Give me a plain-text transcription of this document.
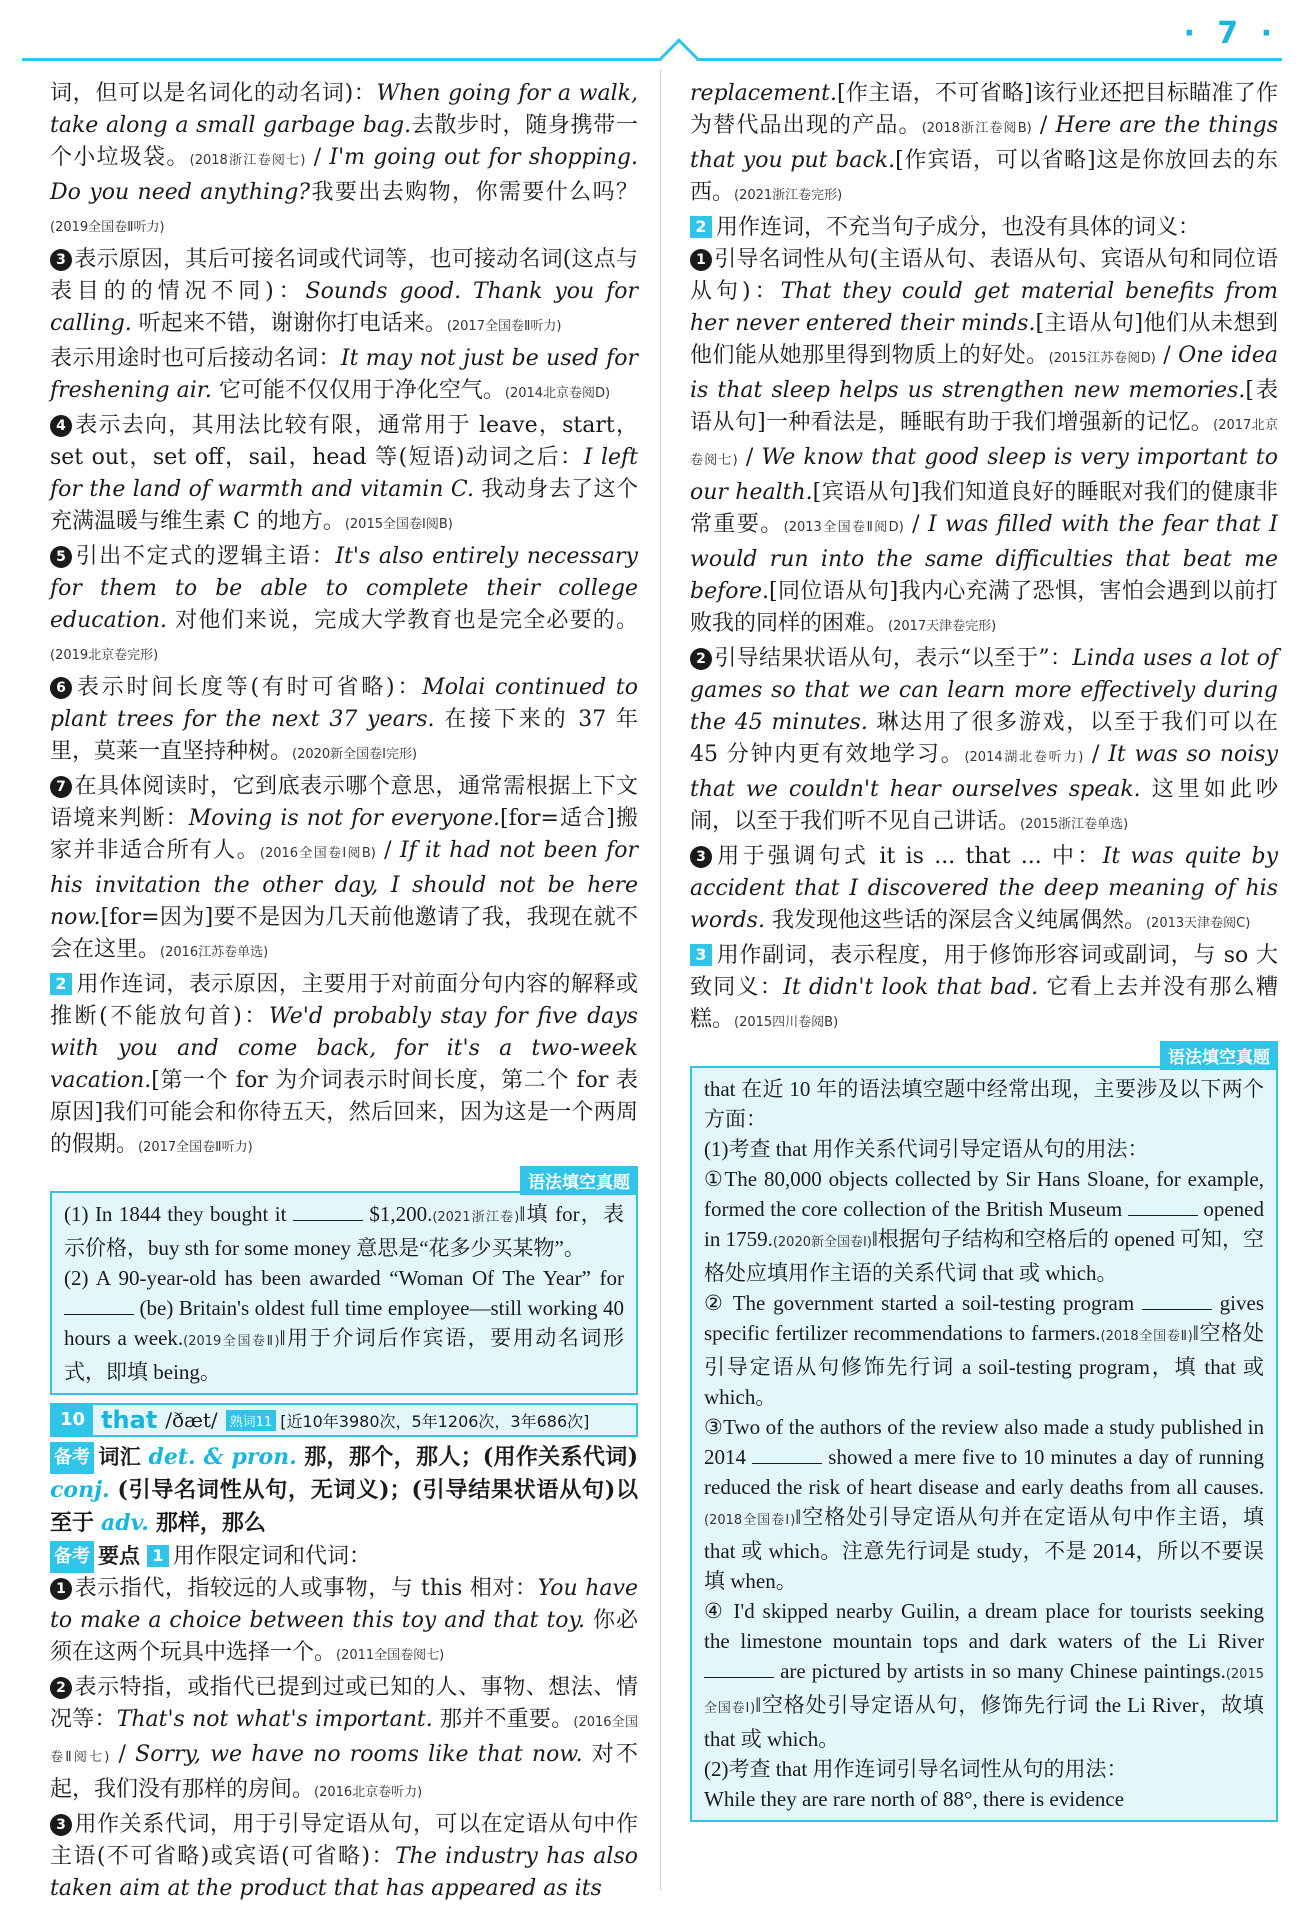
· 7 ·

词，但可以是名词化的动名词)：When going for a walk, take along a small garbage bag.去散步时，随身携带一个小垃圾袋。(2018浙江卷阅七) / I'm going out for shopping. Do you need anything?我要出去购物，你需要什么吗？(2019全国卷Ⅱ听力)

3 表示原因，其后可接名词或代词等，也可接动名词(这点与表目的的情况不同)：Sounds good. Thank you for calling. 听起来不错，谢谢你打电话来。(2017全国卷Ⅱ听力)

表示用途时也可后接动名词：It may not just be used for freshening air. 它可能不仅仅用于净化空气。(2014北京卷阅D)

4 表示去向，其用法比较有限，通常用于 leave，start，set out，set off，sail，head 等(短语)动词之后：I left for the land of warmth and vitamin C. 我动身去了这个充满温暖与维生素 C 的地方。(2015全国卷Ⅰ阅B)

5 引出不定式的逻辑主语：It's also entirely necessary for them to be able to complete their college education. 对他们来说，完成大学教育也是完全必要的。(2019北京卷完形)

6 表示时间长度等(有时可省略)：Molai continued to plant trees for the next 37 years. 在接下来的 37 年里，莫莱一直坚持种树。(2020新全国卷Ⅰ完形)

7 在具体阅读时，它到底表示哪个意思，通常需根据上下文语境来判断：Moving is not for everyone.[for=适合]搬家并非适合所有人。(2016全国卷Ⅰ阅B) / If it had not been for his invitation the other day, I should not be here now.[for=因为]要不是因为几天前他邀请了我，我现在就不会在这里。(2016江苏卷单选)

2 用作连词，表示原因，主要用于对前面分句内容的解释或推断(不能放句首)：We'd probably stay for five days with you and come back, for it's a two-week vacation.[第一个 for 为介词表示时间长度，第二个 for 表原因]我们可能会和你待五天，然后回来，因为这是一个两周的假期。(2017全国卷Ⅱ听力)

语法填空真题

(1) In 1844 they bought it	$1,200.(2021浙江卷)‖填 for，表示价格，buy sth for some money 意思是“花多少买某物”。

(2) A 90-year-old has been awarded “Woman Of The Year” for  (be) Britain's oldest full time employee—still working 40 hours a week.(2019全国卷Ⅱ)‖用于介词后作宾语，要用动名词形式，即填 being。

10 that /ðæt/ 熟词11 [近10年3980次，5年1206次，3年686次]

备考 词汇 det. & pron. 那，那个，那人；(用作关系代词) conj. (引导名词性从句，无词义)；(引导结果状语从句)以至于 adv. 那样，那么

备考 要点 1 用作限定词和代词：

1 表示指代，指较远的人或事物，与 this 相对：You have to make a choice between this toy and that toy. 你必须在这两个玩具中选择一个。(2011全国卷阅七)

2 表示特指，或指代已提到过或已知的人、事物、想法、情况等：That's not what's important. 那并不重要。(2016全国卷Ⅱ阅七) / Sorry, we have no rooms like that now. 对不起，我们没有那样的房间。(2016北京卷听力)

3 用作关系代词，用于引导定语从句，可以在定语从句中作主语(不可省略)或宾语(可省略)：The industry has also taken aim at the product that has appeared as its

replacement.[作主语，不可省略]该行业还把目标瞄准了作为替代品出现的产品。(2018浙江卷阅B) / Here are the things that you put back.[作宾语，可以省略]这是你放回去的东西。(2021浙江卷完形)

2 用作连词，不充当句子成分，也没有具体的词义：

1 引导名词性从句(主语从句、表语从句、宾语从句和同位语从句)：That they could get material benefits from her never entered their minds.[主语从句]他们从未想到他们能从她那里得到物质上的好处。(2015江苏卷阅D) / One idea is that sleep helps us strengthen new memories.[表语从句]一种看法是，睡眠有助于我们增强新的记忆。(2017北京卷阅七) / We know that good sleep is very important to our health.[宾语从句]我们知道良好的睡眠对我们的健康非常重要。(2013全国卷Ⅱ阅D) / I was filled with the fear that I would run into the same difficulties that beat me before.[同位语从句]我内心充满了恐惧，害怕会遇到以前打败我的同样的困难。(2017天津卷完形)

2 引导结果状语从句，表示“以至于”：Linda uses a lot of games so that we can learn more effectively during the 45 minutes. 琳达用了很多游戏，以至于我们可以在 45 分钟内更有效地学习。(2014湖北卷听力) / It was so noisy that we couldn't hear ourselves speak. 这里如此吵闹，以至于我们听不见自己讲话。(2015浙江卷单选)

3 用于强调句式 it is ... that ... 中：It was quite by accident that I discovered the deep meaning of his words. 我发现他这些话的深层含义纯属偶然。(2013天津卷阅C)

3 用作副词，表示程度，用于修饰形容词或副词，与 so 大致同义：It didn't look that bad. 它看上去并没有那么糟糕。(2015四川卷阅B)

语法填空真题

that 在近 10 年的语法填空题中经常出现，主要涉及以下两个方面：

(1)考查 that 用作关系代词引导定语从句的用法：

①The 80,000 objects collected by Sir Hans Sloane, for example, formed the core collection of the British Museum	opened in 1759.(2020新全国卷Ⅰ)‖根据句子结构和空格后的 opened 可知，空格处应填用作主语的关系代词 that 或 which。

② The government started a soil-testing program	gives specific fertilizer recommendations to farmers.(2018全国卷Ⅱ)‖空格处引导定语从句修饰先行词 a soil-testing program，填 that 或 which。

③Two of the authors of the review also made a study published in 2014	showed a mere five to 10 minutes a day of running reduced the risk of heart disease and early deaths from all causes.(2018全国卷Ⅰ)‖空格处引导定语从句并在定语从句中作主语，填 that 或 which。注意先行词是 study，不是 2014，所以不要误填 when。

④ I'd skipped nearby Guilin, a dream place for tourists seeking the limestone mountain tops and dark waters of the Li River  are pictured by artists in so many Chinese paintings.(2015全国卷Ⅰ)‖空格处引导定语从句，修饰先行词 the Li River，故填 that 或 which。

(2)考查 that 用作连词引导名词性从句的用法：

While they are rare north of 88°, there is evidence
